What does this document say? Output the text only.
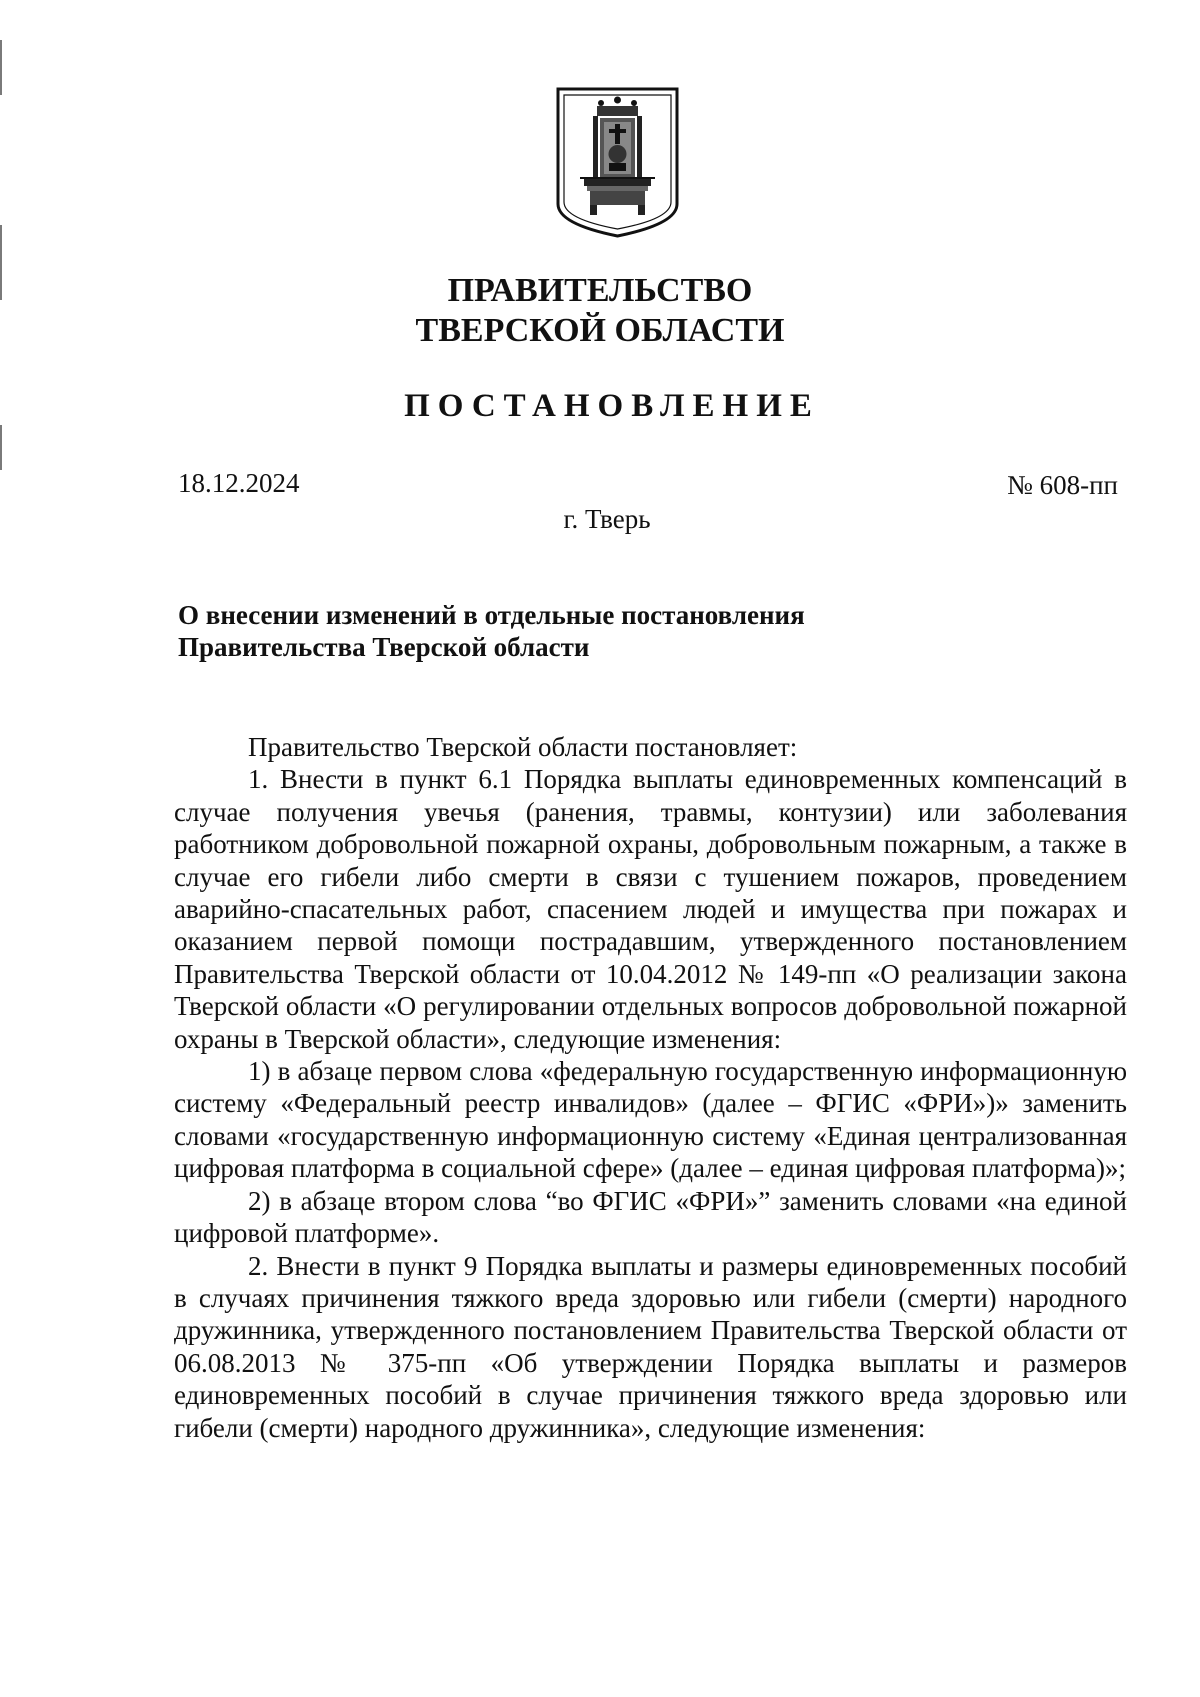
ПРАВИТЕЛЬСТВО
ТВЕРСКОЙ ОБЛАСТИ
ПОСТАНОВЛЕНИЕ
18.12.2024	№ 608-пп
г. Тверь
О внесении изменений в отдельные постановления
Правительства Тверской области

Правительство Тверской области постановляет:

1. Внести в пункт 6.1 Порядка выплаты единовременных компенсаций в случае получения увечья (ранения, травмы, контузии) или заболевания работником добровольной пожарной охраны, добровольным пожарным, а также в случае его гибели либо смерти в связи с тушением пожаров, проведением аварийно-спасательных работ, спасением людей и имущества при пожарах и оказанием первой помощи пострадавшим, утвержденного постановлением Правительства Тверской области от 10.04.2012 № 149-пп «О реализации закона Тверской области «О регулировании отдельных вопросов добровольной пожарной охраны в Тверской области», следующие изменения:

1) в абзаце первом слова «федеральную государственную информационную систему «Федеральный реестр инвалидов» (далее – ФГИС «ФРИ»)» заменить словами «государственную информационную систему «Единая централизованная цифровая платформа в социальной сфере» (далее – единая цифровая платформа)»;

2) в абзаце втором слова “во ФГИС «ФРИ»” заменить словами «на единой цифровой платформе».

2. Внести в пункт 9 Порядка выплаты и размеры единовременных пособий в случаях причинения тяжкого вреда здоровью или гибели (смерти) народного дружинника, утвержденного постановлением Правительства Тверской области от 06.08.2013 № 375-пп «Об утверждении Порядка выплаты и размеров единовременных пособий в случае причинения тяжкого вреда здоровью или гибели (смерти) народного дружинника», следующие изменения:
